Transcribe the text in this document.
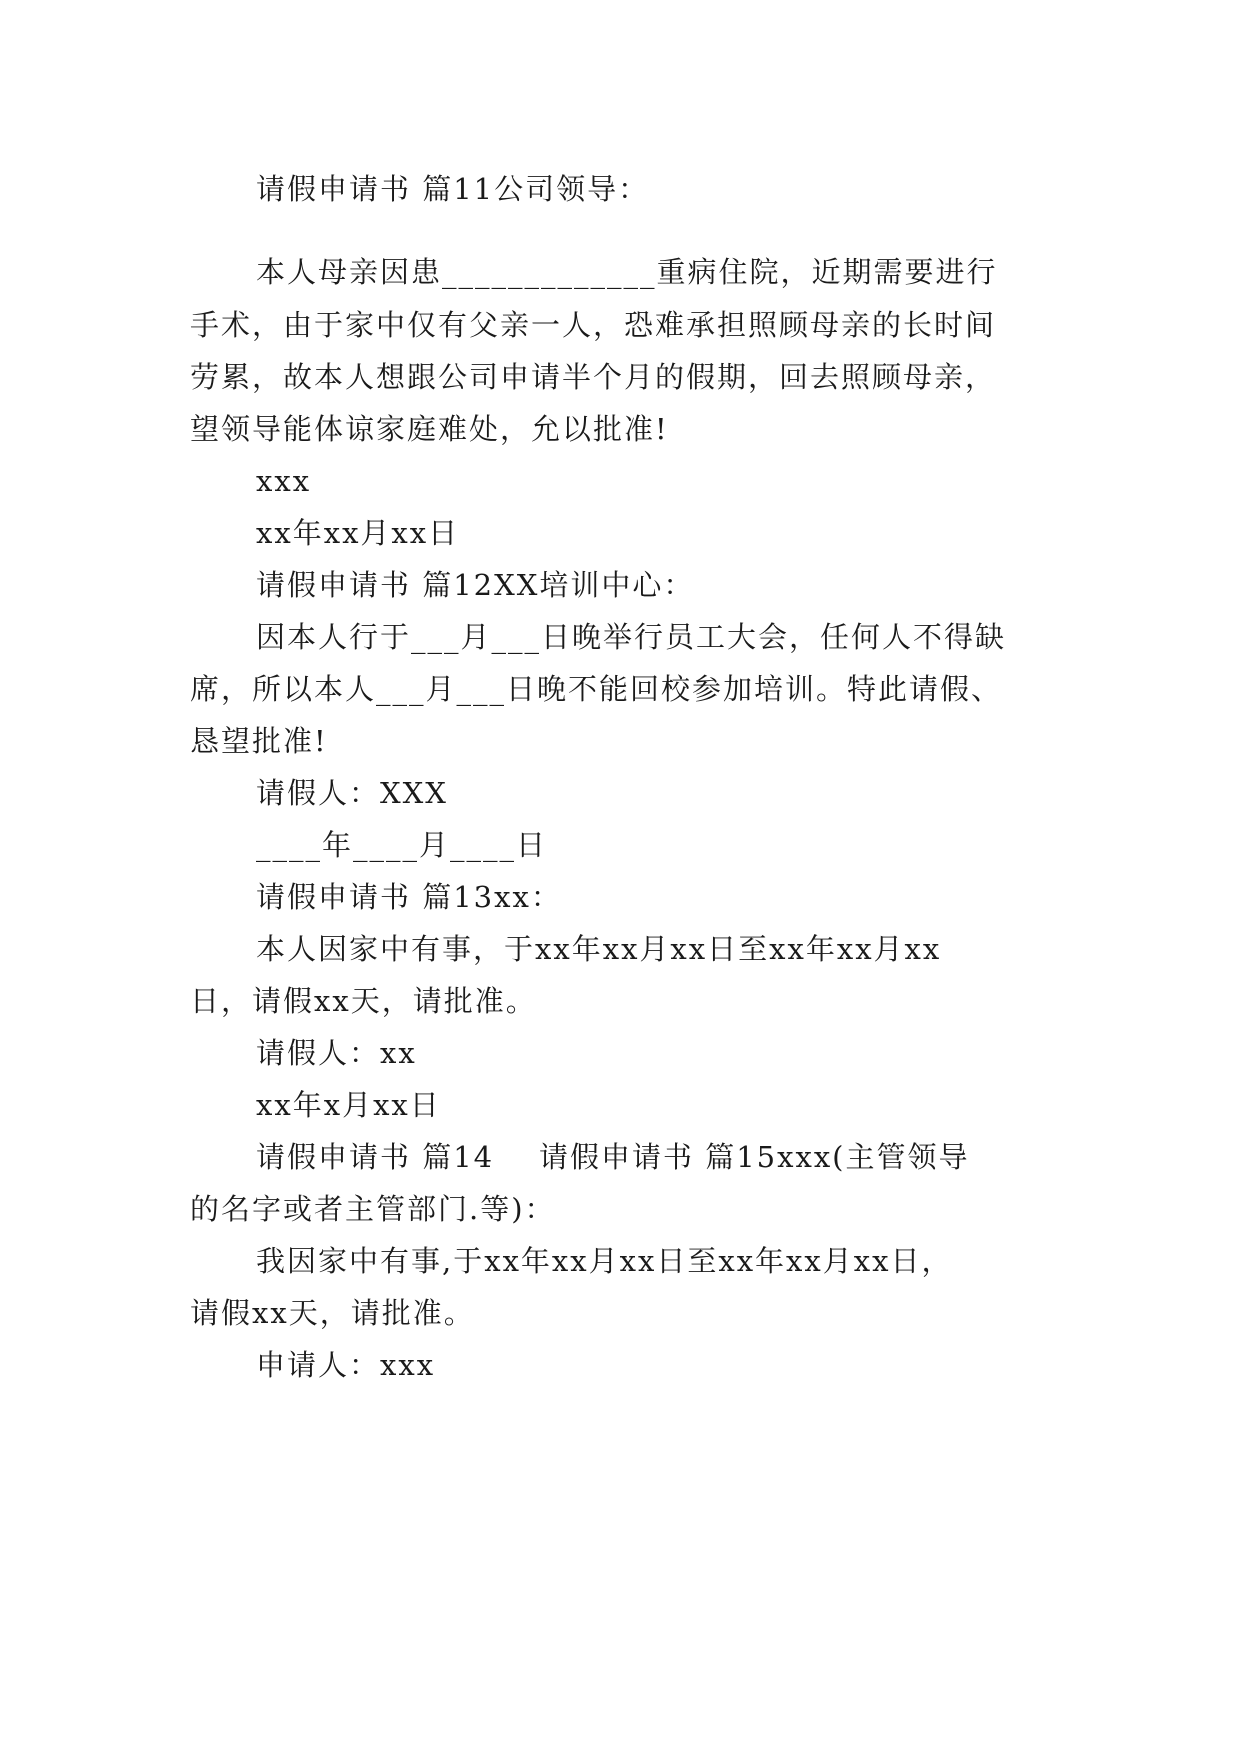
请假申请书 篇11公司领导：
本人母亲因患_____________重病住院，近期需要进行
手术，由于家中仅有父亲一人，恐难承担照顾母亲的长时间
劳累，故本人想跟公司申请半个月的假期，回去照顾母亲，
望领导能体谅家庭难处，允以批准!
xxx
xx年xx月xx日
请假申请书 篇12XX培训中心：
因本人行于___月___日晚举行员工大会，任何人不得缺
席，所以本人___月___日晚不能回校参加培训。特此请假、
恳望批准!
请假人：XXX
____年____月____日
请假申请书 篇13xx：
本人因家中有事，于xx年xx月xx日至xx年xx月xx
日，请假xx天，请批准。
请假人：xx
xx年x月xx日
请假申请书 篇14    请假申请书 篇15xxx(主管领导
的名字或者主管部门.等)：
我因家中有事,于xx年xx月xx日至xx年xx月xx日，
请假xx天，请批准。
申请人：xxx
